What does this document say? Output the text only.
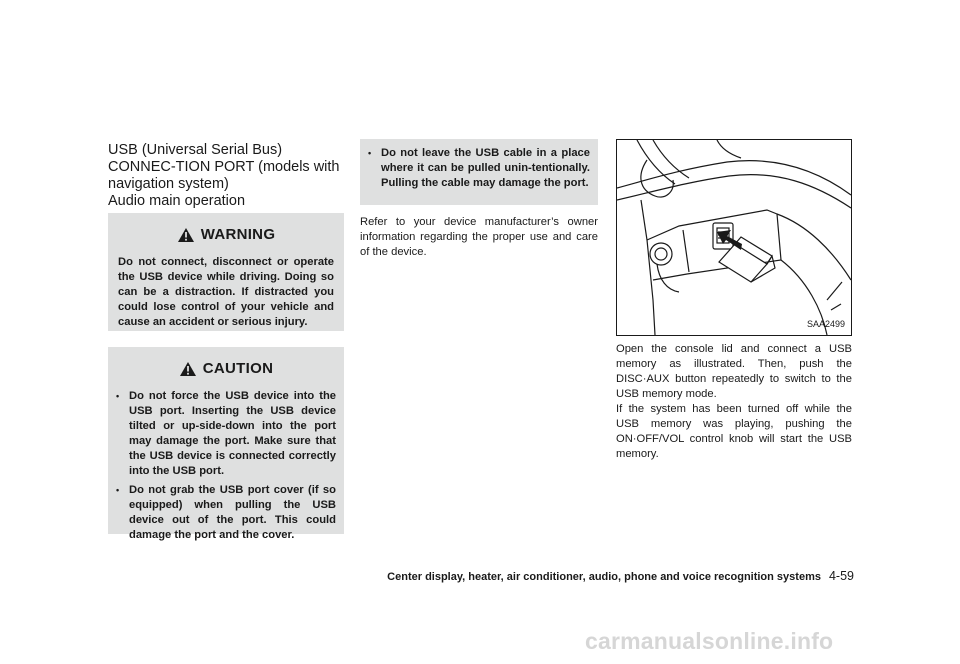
USB (Universal Serial Bus) CONNEC-TION PORT (models with navigation system)
Audio main operation
WARNING
Do not connect, disconnect or operate the USB device while driving. Doing so can be a distraction. If distracted you could lose control of your vehicle and cause an accident or serious injury.
CAUTION
• Do not force the USB device into the USB port. Inserting the USB device tilted or up-side-down into the port may damage the port. Make sure that the USB device is connected correctly into the USB port.
• Do not grab the USB port cover (if so equipped) when pulling the USB device out of the port. This could damage the port and the cover.
• Do not leave the USB cable in a place where it can be pulled unin-tentionally. Pulling the cable may damage the port.
Refer to your device manufacturer’s owner information regarding the proper use and care of the device.
SAA2499
Open the console lid and connect a USB memory as illustrated. Then, push the DISC·AUX button repeatedly to switch to the USB memory mode.
If the system has been turned off while the USB memory was playing, pushing the ON·OFF/VOL control knob will start the USB memory.
Center display, heater, air conditioner, audio, phone and voice recognition systems 4-59
carmanualsonline.info
